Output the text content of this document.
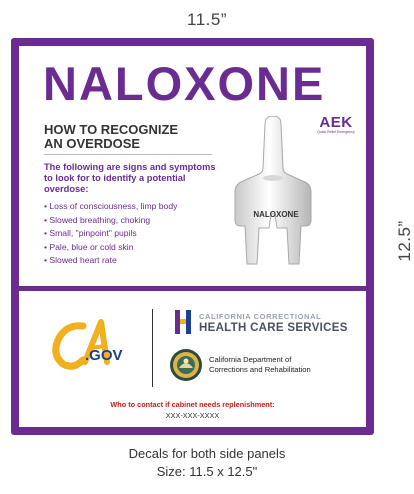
11.5”
12.5”
NALOXONE
HOW TO RECOGNIZE
AN OVERDOSE
The following are signs and symptoms to look for to identify a potential overdose:
• Loss of consciousness, limp body
• Slowed breathing, choking
• Small, "pinpoint" pupils
• Pale, blue or cold skin
• Slowed heart rate
AEK
Quick Relief Emergency
NALOXONE
.GOV
CALIFORNIA CORRECTIONAL
HEALTH CARE SERVICES
California Department of
Corrections and Rehabilitation
Who to contact if cabinet needs replenishment:
XXX-XXX-XXXX
Decals for both side panels
Size: 11.5 x 12.5"
